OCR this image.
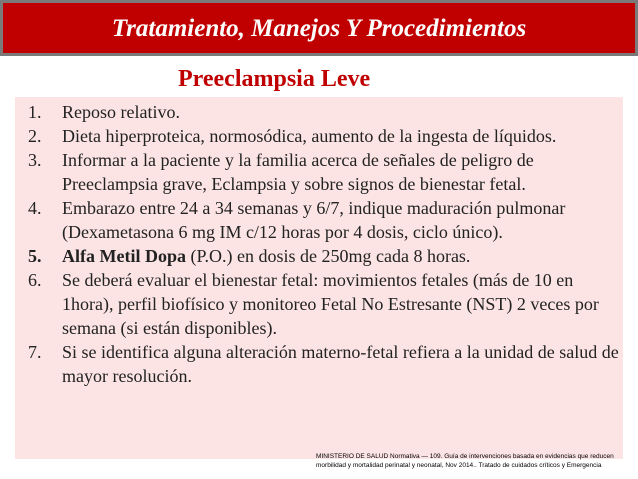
Tratamiento, Manejos Y Procedimientos
Preeclampsia Leve
1. Reposo relativo.
2. Dieta hiperproteica, normosódica, aumento de la ingesta de líquidos.
3. Informar a la paciente y la familia acerca de señales de peligro de Preeclampsia grave, Eclampsia y sobre signos de bienestar fetal.
4. Embarazo entre 24 a 34 semanas y 6/7, indique maduración pulmonar (Dexametasona 6 mg IM c/12 horas por 4 dosis, ciclo único).
5. Alfa Metil Dopa (P.O.) en dosis de 250mg cada 8 horas.
6. Se deberá evaluar el bienestar fetal: movimientos fetales (más de 10 en 1hora), perfil biofísico y monitoreo Fetal No Estresante (NST) 2 veces por semana (si están disponibles).
7. Si se identifica alguna alteración materno-fetal refiera a la unidad de salud de mayor resolución.
MINISTERIO DE SALUD Normativa — 109. Guía de intervenciones basada en evidencias que reducen morbilidad y mortalidad perinatal y neonatal, Nov 2014.. Tratado de cuidados críticos y Emergencia
